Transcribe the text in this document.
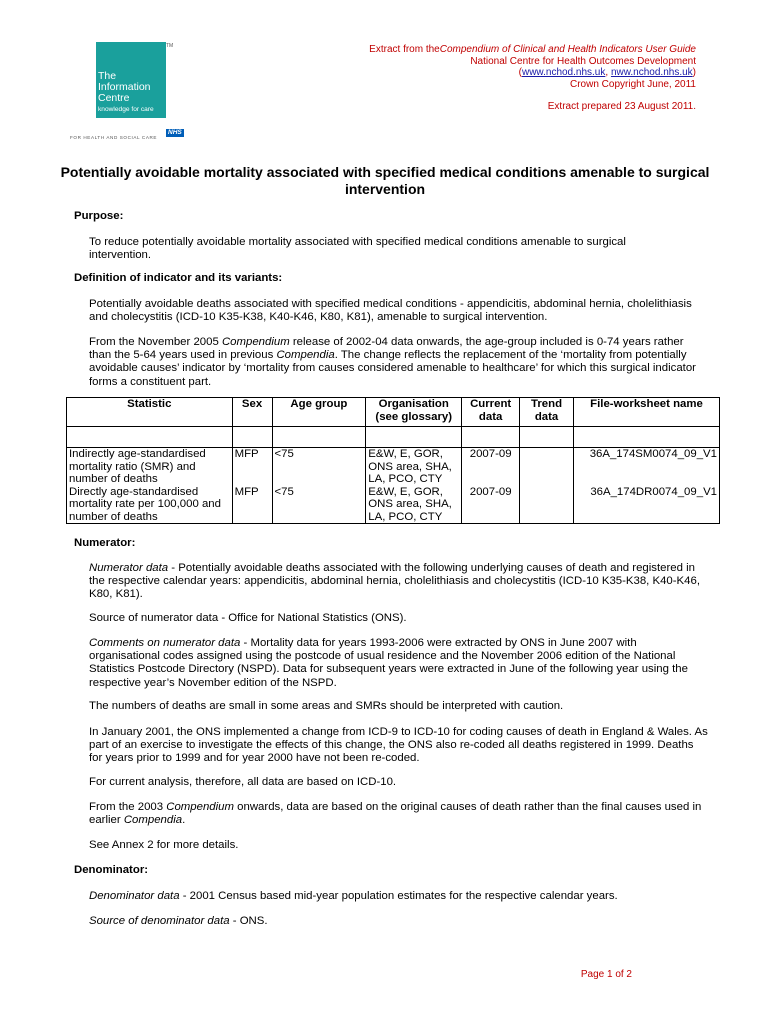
TM
The
Information
Centre
knowledge for care
FOR HEALTH AND SOCIAL CARE
NHS
Extract from theCompendium of Clinical and Health Indicators User Guide
National Centre for Health Outcomes Development
(www.nchod.nhs.uk, nww.nchod.nhs.uk)
Crown Copyright June, 2011
Extract prepared 23 August 2011.
Potentially avoidable mortality associated with specified medical conditions amenable to surgical intervention
Purpose:
To reduce potentially avoidable mortality associated with specified medical conditions amenable to surgical intervention.
Definition of indicator and its variants:
Potentially avoidable deaths associated with specified medical conditions - appendicitis, abdominal hernia, cholelithiasis and cholecystitis (ICD-10 K35-K38, K40-K46, K80, K81), amenable to surgical intervention.
From the November 2005 Compendium release of 2002-04 data onwards, the age-group included is 0-74 years rather than the 5-64 years used in previous Compendia. The change reflects the replacement of the ‘mortality from potentially avoidable causes’ indicator by ‘mortality from causes considered amenable to healthcare’ for which this surgical indicator forms a constituent part.
Statistic	Sex	Age group	Organisation (see glossary)	Current data	Trend data	File-worksheet name

Indirectly age-standardised mortality ratio (SMR) and number of deaths	MFP	<75	E&W, E, GOR, ONS area, SHA, LA, PCO, CTY	2007-09		36A_174SM0074_09_V1
Directly age-standardised mortality rate per 100,000 and number of deaths	MFP	<75	E&W, E, GOR, ONS area, SHA, LA, PCO, CTY	2007-09		36A_174DR0074_09_V1
Numerator:
Numerator data - Potentially avoidable deaths associated with the following underlying causes of death and registered in the respective calendar years: appendicitis, abdominal hernia, cholelithiasis and cholecystitis (ICD-10 K35-K38, K40-K46, K80, K81).
Source of numerator data - Office for National Statistics (ONS).
Comments on numerator data - Mortality data for years 1993-2006 were extracted by ONS in June 2007 with organisational codes assigned using the postcode of usual residence and the November 2006 edition of the National Statistics Postcode Directory (NSPD). Data for subsequent years were extracted in June of the following year using the respective year’s November edition of the NSPD.
The numbers of deaths are small in some areas and SMRs should be interpreted with caution.
In January 2001, the ONS implemented a change from ICD-9 to ICD-10 for coding causes of death in England & Wales. As part of an exercise to investigate the effects of this change, the ONS also re-coded all deaths registered in 1999. Deaths for years prior to 1999 and for year 2000 have not been re-coded.
For current analysis, therefore, all data are based on ICD-10.
From the 2003 Compendium onwards, data are based on the original causes of death rather than the final causes used in earlier Compendia.
See Annex 2 for more details.
Denominator:
Denominator data - 2001 Census based mid-year population estimates for the respective calendar years.
Source of denominator data - ONS.
Page 1 of 2
